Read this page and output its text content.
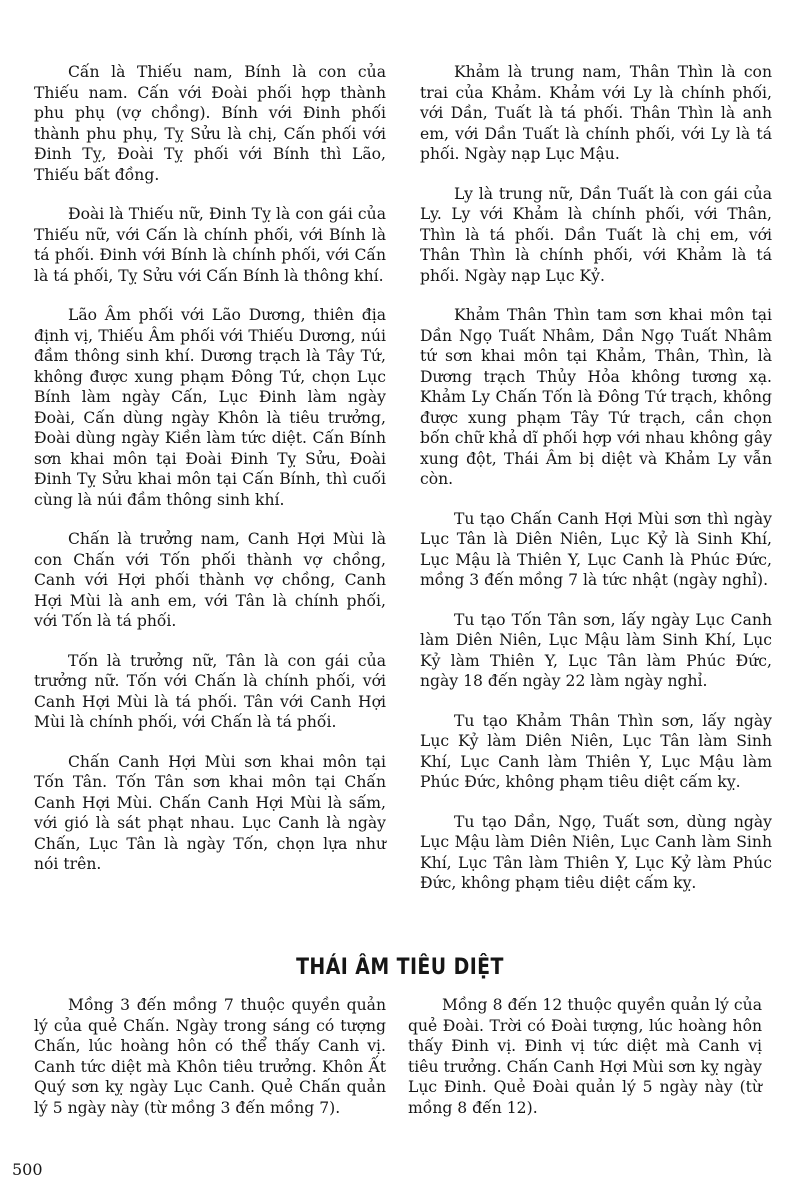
Cấn là Thiếu nam, Bính là con của Thiếu nam. Cấn với Đoài phối hợp thành phu phụ (vợ chồng). Bính với Đinh phối thành phu phụ, Tỵ Sửu là chị, Cấn phối với Đinh Tỵ, Đoài Tỵ phối với Bính thì Lão, Thiếu bất đồng.

Đoài là Thiếu nữ, Đinh Tỵ là con gái của Thiếu nữ, với Cấn là chính phối, với Bính là tá phối. Đinh với Bính là chính phối, với Cấn là tá phối, Tỵ Sửu với Cấn Bính là thông khí.

Lão Âm phối với Lão Dương, thiên địa định vị, Thiếu Âm phối với Thiếu Dương, núi đầm thông sinh khí. Dương trạch là Tây Tứ, không được xung phạm Đông Tứ, chọn Lục Bính làm ngày Cấn, Lục Đinh làm ngày Đoài, Cấn dùng ngày Khôn là tiêu trưởng, Đoài dùng ngày Kiền làm tức diệt. Cấn Bính sơn khai môn tại Đoài Đinh Tỵ Sửu, Đoài Đinh Tỵ Sửu khai môn tại Cấn Bính, thì cuối cùng là núi đầm thông sinh khí.

Chấn là trưởng nam, Canh Hợi Mùi là con Chấn với Tốn phối thành vợ chồng, Canh với Hợi phối thành vợ chồng, Canh Hợi Mùi là anh em, với Tân là chính phối, với Tốn là tá phối.

Tốn là trưởng nữ, Tân là con gái của trưởng nữ. Tốn với Chấn là chính phối, với Canh Hợi Mùi là tá phối. Tân với Canh Hợi Mùi là chính phối, với Chấn là tá phối.

Chấn Canh Hợi Mùi sơn khai môn tại Tốn Tân. Tốn Tân sơn khai môn tại Chấn Canh Hợi Mùi. Chấn Canh Hợi Mùi là sấm, với gió là sát phạt nhau. Lục Canh là ngày Chấn, Lục Tân là ngày Tốn, chọn lựa như nói trên.

Khảm là trung nam, Thân Thìn là con trai của Khảm. Khảm với Ly là chính phối, với Dần, Tuất là tá phối. Thân Thìn là anh em, với Dần Tuất là chính phối, với Ly là tá phối. Ngày nạp Lục Mậu.

Ly là trung nữ, Dần Tuất là con gái của Ly. Ly với Khảm là chính phối, với Thân, Thìn là tá phối. Dần Tuất là chị em, với Thân Thìn là chính phối, với Khảm là tá phối. Ngày nạp Lục Kỷ.

Khảm Thân Thìn tam sơn khai môn tại Dần Ngọ Tuất Nhâm, Dần Ngọ Tuất Nhâm tứ sơn khai môn tại Khảm, Thân, Thìn, là Dương trạch Thủy Hỏa không tương xạ. Khảm Ly Chấn Tốn là Đông Tứ trạch, không được xung phạm Tây Tứ trạch, cần chọn bốn chữ khả dĩ phối hợp với nhau không gây xung đột, Thái Âm bị diệt và Khảm Ly vẫn còn.

Tu tạo Chấn Canh Hợi Mùi sơn thì ngày Lục Tân là Diên Niên, Lục Kỷ là Sinh Khí, Lục Mậu là Thiên Y, Lục Canh là Phúc Đức, mồng 3 đến mồng 7 là tức nhật (ngày nghỉ).

Tu tạo Tốn Tân sơn, lấy ngày Lục Canh làm Diên Niên, Lục Mậu làm Sinh Khí, Lục Kỷ làm Thiên Y, Lục Tân làm Phúc Đức, ngày 18 đến ngày 22 làm ngày nghỉ.

Tu tạo Khảm Thân Thìn sơn, lấy ngày Lục Kỷ làm Diên Niên, Lục Tân làm Sinh Khí, Lục Canh làm Thiên Y, Lục Mậu làm Phúc Đức, không phạm tiêu diệt cấm kỵ.

Tu tạo Dần, Ngọ, Tuất sơn, dùng ngày Lục Mậu làm Diên Niên, Lục Canh làm Sinh Khí, Lục Tân làm Thiên Y, Lục Kỷ làm Phúc Đức, không phạm tiêu diệt cấm kỵ.

THÁI ÂM TIÊU DIỆT

Mồng 3 đến mồng 7 thuộc quyền quản lý của quẻ Chấn. Ngày trong sáng có tượng Chấn, lúc hoàng hôn có thể thấy Canh vị. Canh tức diệt mà Khôn tiêu trưởng. Khôn Ất Quý sơn kỵ ngày Lục Canh. Quẻ Chấn quản lý 5 ngày này (từ mồng 3 đến mồng 7).

Mồng 8 đến 12 thuộc quyền quản lý của quẻ Đoài. Trời có Đoài tượng, lúc hoàng hôn thấy Đinh vị. Đinh vị tức diệt mà Canh vị tiêu trưởng. Chấn Canh Hợi Mùi sơn kỵ ngày Lục Đinh. Quẻ Đoài quản lý 5 ngày này (từ mồng 8 đến 12).

500
